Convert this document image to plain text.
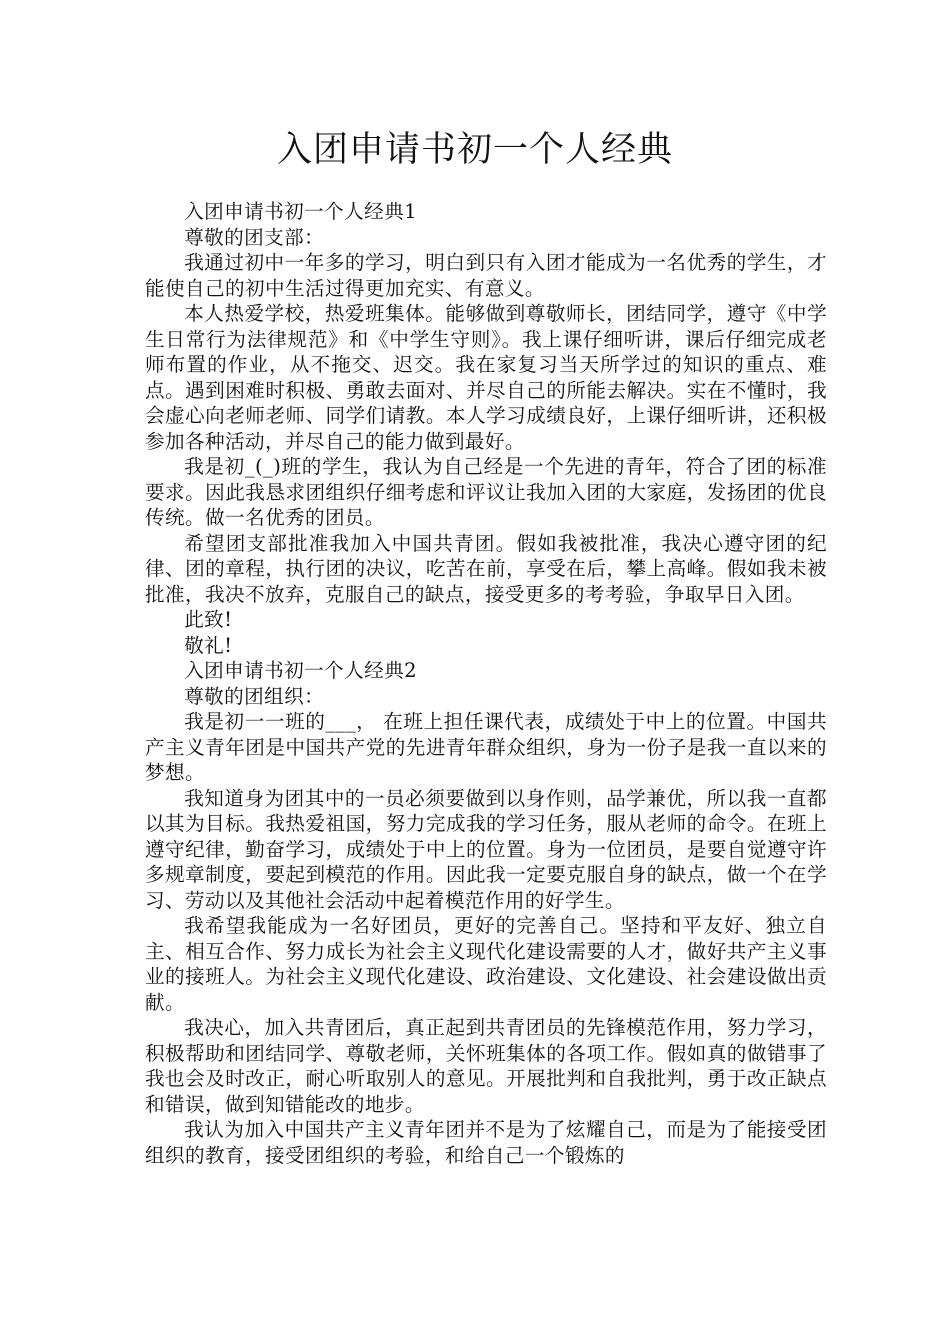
入团申请书初一个人经典

入团申请书初一个人经典1

尊敬的团支部：

我通过初中一年多的学习，明白到只有入团才能成为一名优秀的学生，才能使自己的初中生活过得更加充实、有意义。

本人热爱学校，热爱班集体。能够做到尊敬师长，团结同学，遵守《中学生日常行为法律规范》和《中学生守则》。我上课仔细听讲，课后仔细完成老师布置的作业，从不拖交、迟交。我在家复习当天所学过的知识的重点、难点。遇到困难时积极、勇敢去面对、并尽自己的所能去解决。实在不懂时，我会虚心向老师老师、同学们请教。本人学习成绩良好，上课仔细听讲，还积极参加各种活动，并尽自己的能力做到最好。

我是初_(_)班的学生，我认为自己经是一个先进的青年，符合了团的标准要求。因此我恳求团组织仔细考虑和评议让我加入团的大家庭，发扬团的优良传统。做一名优秀的团员。

希望团支部批准我加入中国共青团。假如我被批准，我决心遵守团的纪律、团的章程，执行团的决议，吃苦在前，享受在后，攀上高峰。假如我未被批准，我决不放弃，克服自己的缺点，接受更多的考考验，争取早日入团。

此致!

敬礼!

入团申请书初一个人经典2

尊敬的团组织：

我是初一一班的___， 在班上担任课代表，成绩处于中上的位置。中国共产主义青年团是中国共产党的先进青年群众组织，身为一份子是我一直以来的梦想。

我知道身为团其中的一员必须要做到以身作则，品学兼优，所以我一直都以其为目标。我热爱祖国，努力完成我的学习任务，服从老师的命令。在班上遵守纪律，勤奋学习，成绩处于中上的位置。身为一位团员，是要自觉遵守许多规章制度，要起到模范的作用。因此我一定要克服自身的缺点，做一个在学习、劳动以及其他社会活动中起着模范作用的好学生。

我希望我能成为一名好团员，更好的完善自己。坚持和平友好、独立自主、相互合作、努力成长为社会主义现代化建设需要的人才，做好共产主义事业的接班人。为社会主义现代化建设、政治建设、文化建设、社会建设做出贡献。

我决心，加入共青团后，真正起到共青团员的先锋模范作用，努力学习，积极帮助和团结同学、尊敬老师，关怀班集体的各项工作。假如真的做错事了我也会及时改正，耐心听取别人的意见。开展批判和自我批判，勇于改正缺点和错误，做到知错能改的地步。

我认为加入中国共产主义青年团并不是为了炫耀自己，而是为了能接受团组织的教育，接受团组织的考验，和给自己一个锻炼的
